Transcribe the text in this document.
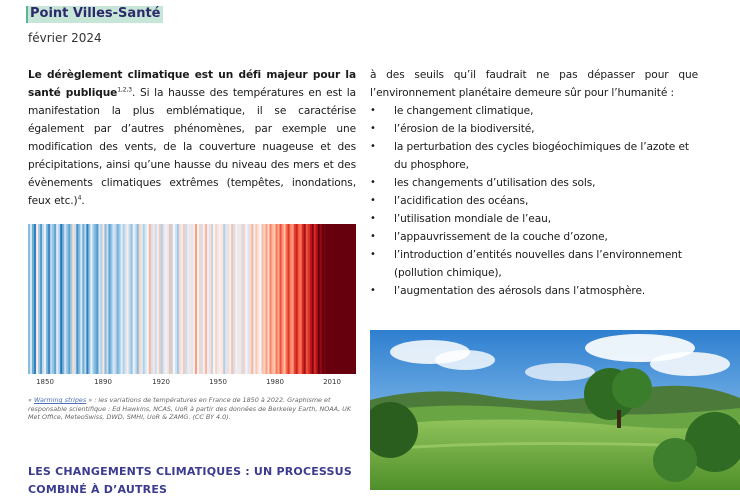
Point Villes-Santé
février 2024

Le dérèglement climatique est un défi majeur pour la santé publique$^{1,2,3}$. Si la hausse des températures en est la manifestation la plus emblématique, il se caractérise également par d’autres phénomènes, par exemple une modification des vents, de la couverture nuageuse et des précipitations, ainsi qu’une hausse du niveau des mers et des évènements climatiques extrêmes (tempêtes, inondations, feux etc.)$^4$.

1850	1890	1920	1950	1980	2010
« Warming stripes » : les variations de températures en France de 1850 à 2022. Graphisme et responsable scientifique : Ed Hawkins, NCAS, UoR à partir des données de Berkeley Earth, NOAA, UK Met Office, MeteoSwiss, DWD, SMHI, UoR & ZAMG. (CC BY 4.0).
LES CHANGEMENTS CLIMATIQUES : UN PROCESSUS COMBINÉ À D’AUTRES

à des seuils qu’il faudrait ne pas dépasser pour que l’environnement planétaire demeure sûr pour l’humanité :

• le changement climatique,
• l’érosion de la biodiversité,
• la perturbation des cycles biogéochimiques de l’azote et du phosphore,
• les changements d’utilisation des sols,
• l’acidification des océans,
• l’utilisation mondiale de l’eau,
• l’appauvrissement de la couche d’ozone,
• l’introduction d’entités nouvelles dans l’environnement (pollution chimique),
• l’augmentation des aérosols dans l’atmosphère.
